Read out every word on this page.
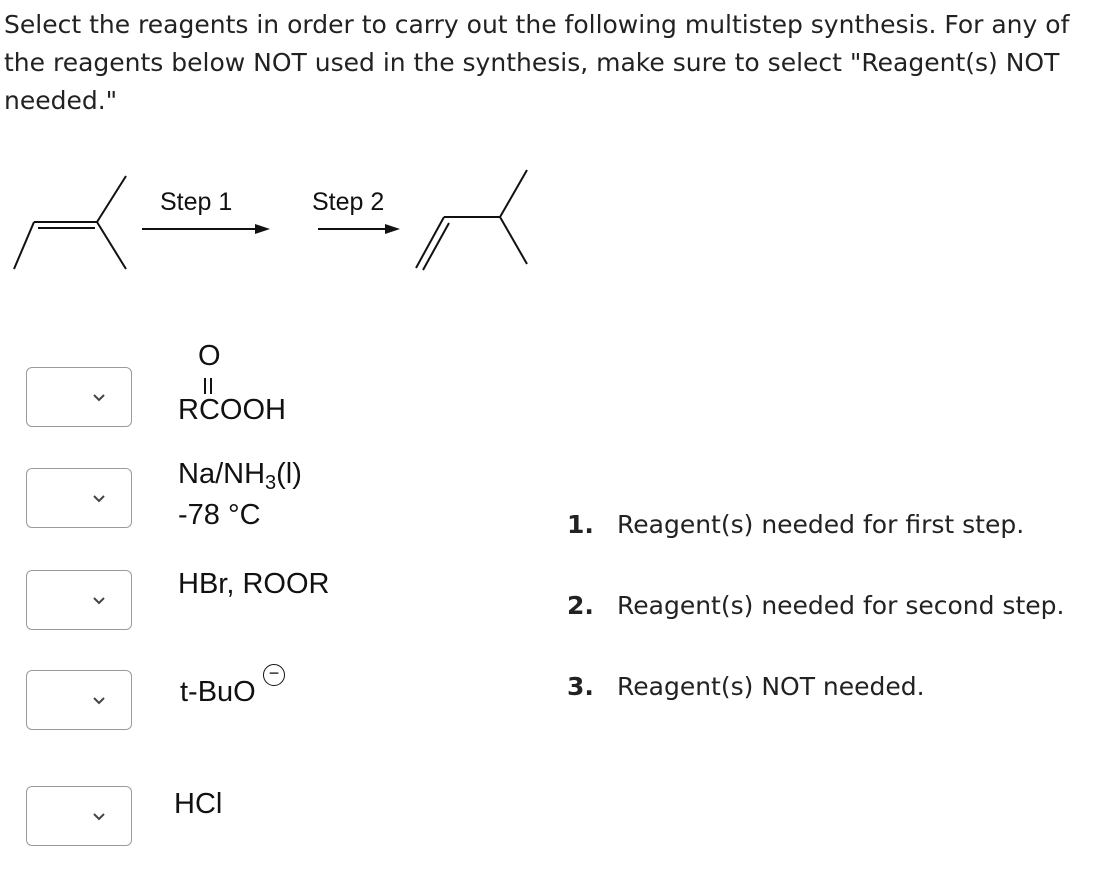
Select the reagents in order to carry out the following multistep synthesis. For any of the reagents below NOT used in the synthesis, make sure to select "Reagent(s) NOT needed."

Step 1	Step 2
O
RCOOH
$Na/NH_3(l)$
-78 °C
HBr, ROOR
t-BuO
−
HCl
1. Reagent(s) needed for first step.
2. Reagent(s) needed for second step.
3. Reagent(s) NOT needed.
